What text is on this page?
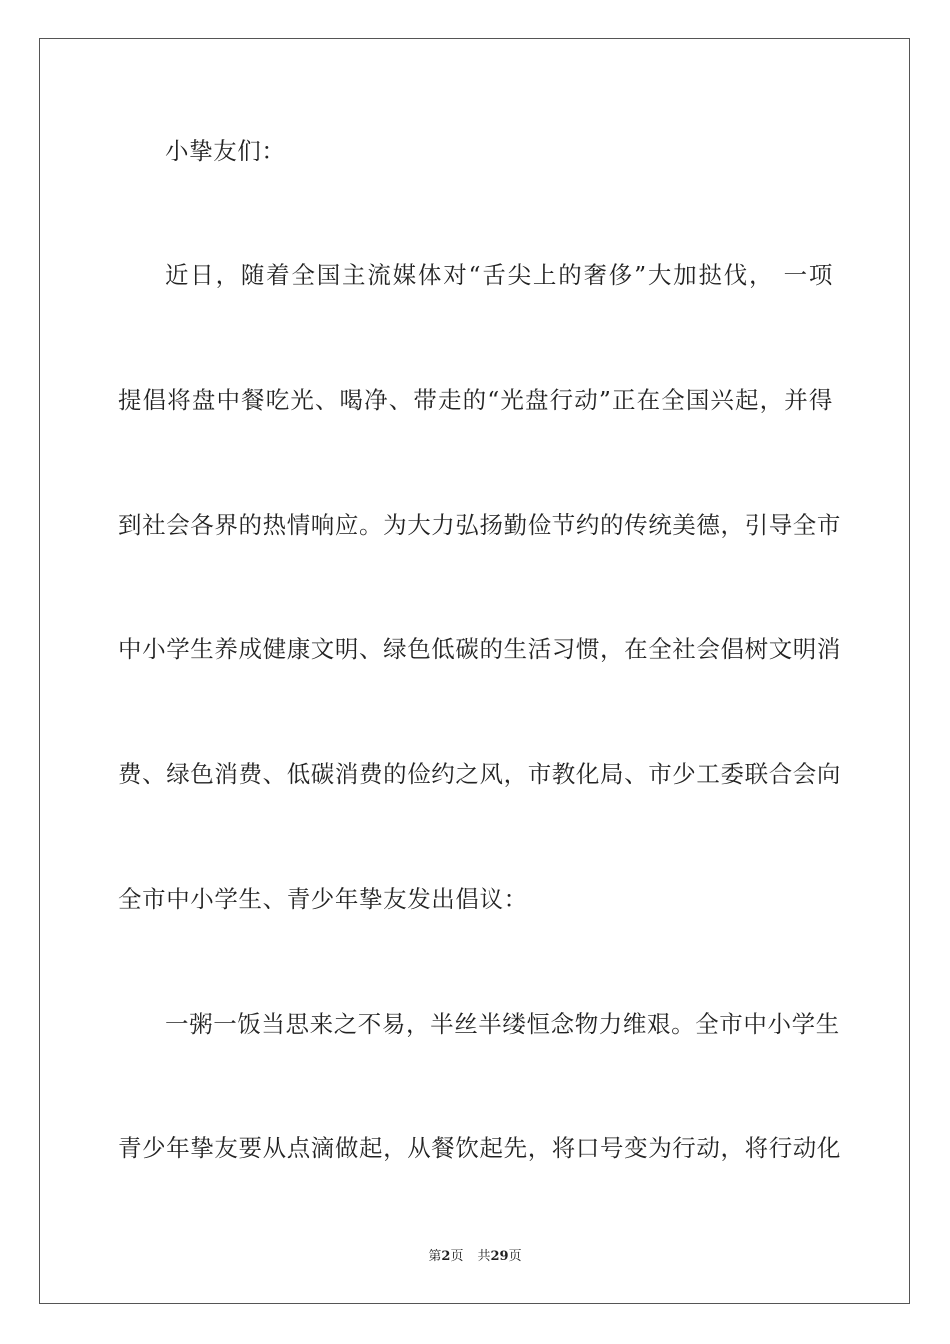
小挚友们：
近日，随着全国主流媒体对“舌尖上的奢侈”大加挞伐， 一项
提倡将盘中餐吃光、喝净、带走的“光盘行动”正在全国兴起，并得
到社会各界的热情响应。为大力弘扬勤俭节约的传统美德，引导全市
中小学生养成健康文明、绿色低碳的生活习惯，在全社会倡树文明消
费、绿色消费、低碳消费的俭约之风，市教化局、市少工委联合会向
全市中小学生、青少年挚友发出倡议：
一粥一饭当思来之不易，半丝半缕恒念物力维艰。全市中小学生
青少年挚友要从点滴做起，从餐饮起先，将口号变为行动，将行动化
第2页 共29页
